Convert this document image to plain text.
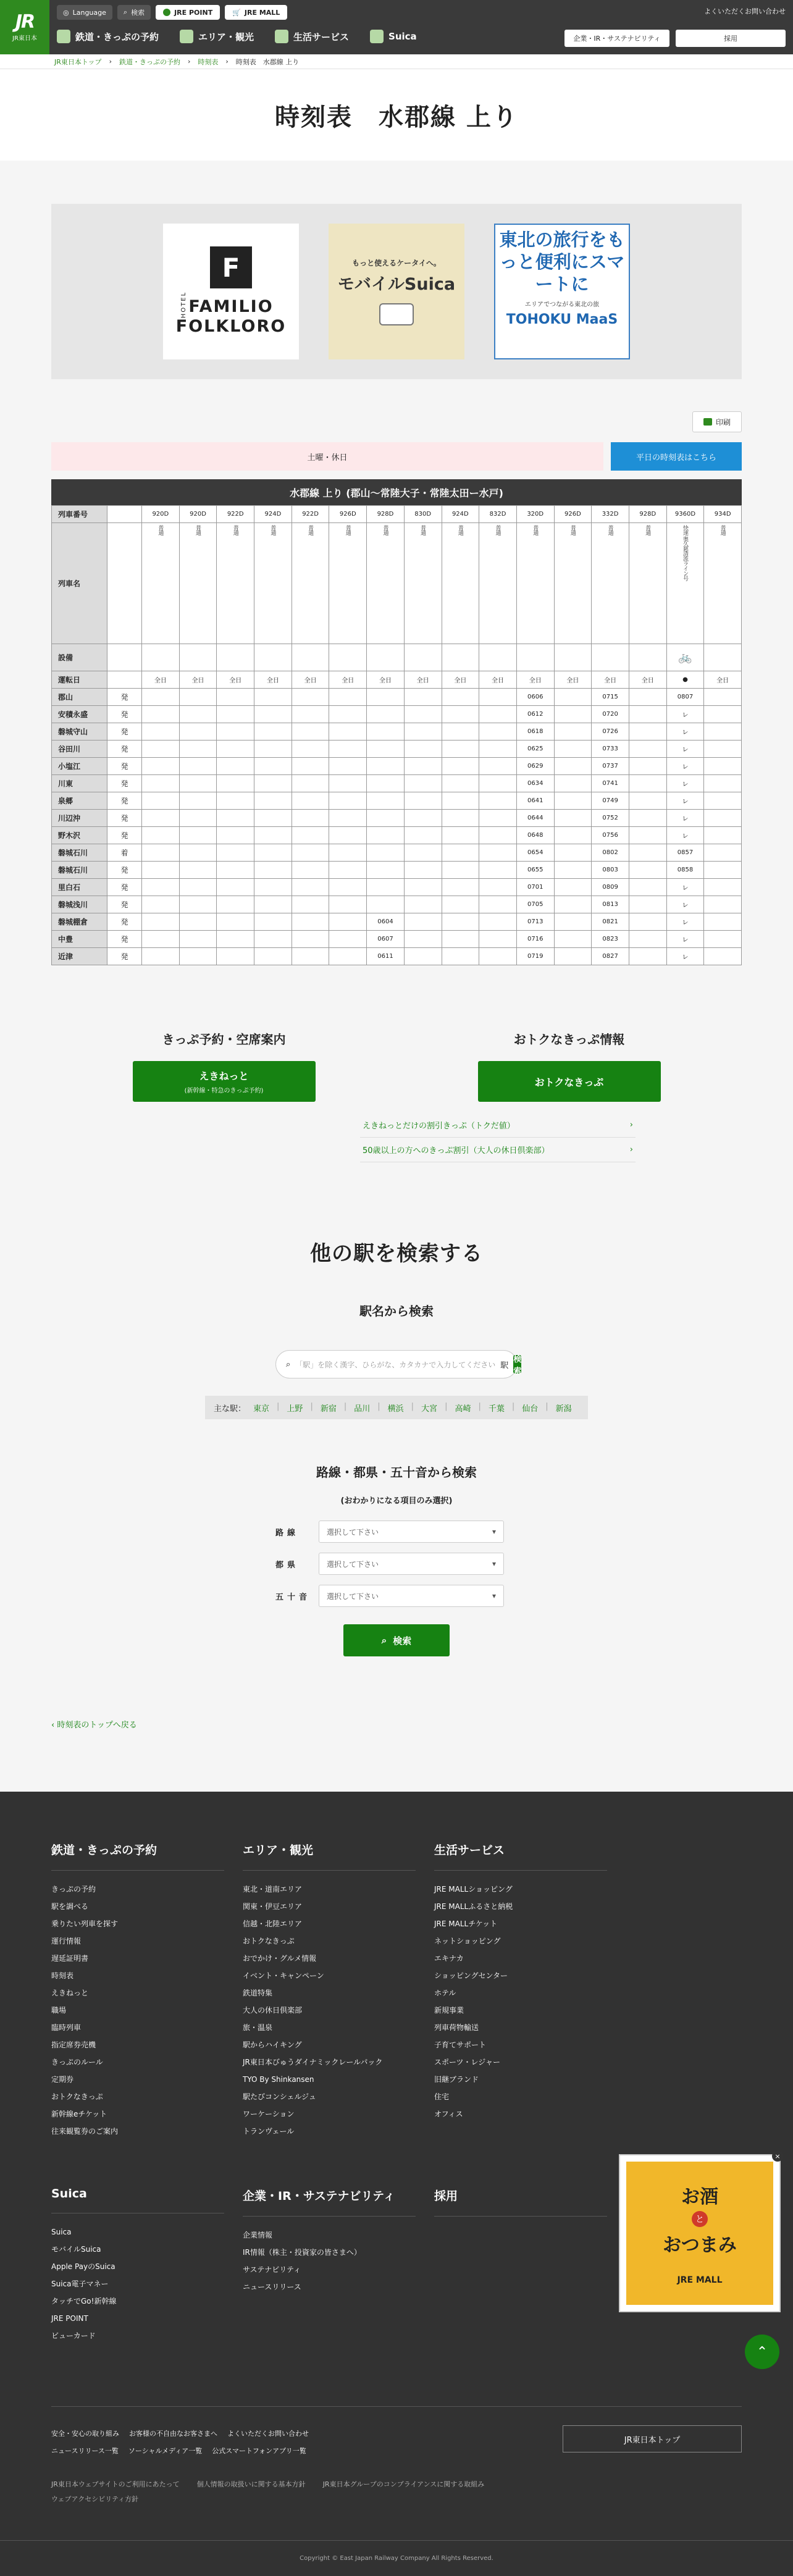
JR
JR東日本
◎ Language	⌕ 検索	JRE POINT	🛒 JRE MALL	よくいただくお問い合わせ
鉄道・きっぷの予約	エリア・観光	生活サービス	Suica	企業・IR・サステナビリティ	採用
JR東日本トップ › 鉄道・きっぷの予約 › 時刻表 › 時刻表　水郡線 上り
時刻表　水郡線 上り
F
FAMILIO
FOLKLORO
HOTEL
もっと使えるケータイへ。
モバイルSuica
東北の旅行をもっと便利にスマートに
エリアでつながる東北の旅
TOHOKU MaaS
印刷
土曜・休日	平日の時刻表はこちら
水郡線 上り (郡山～常陸大子・常陸太田ー水戸)
列車番号		920D	920D	922D	924D	922D	926D	928D	830D	924D	832D	320D	926D	332D	928D	9360D	934D
列車名		普通	普通	普通	普通	普通	普通	普通	普通	普通	普通	普通	普通	普通	普通	快速 奥久慈清流ライン号	普通

設備																🚲	
運転日		全日	全日	全日	全日	全日	全日	全日	全日	全日	全日	全日	全日	全日	全日	●	全日
郡山	発											0606		0715		0807	
安積永盛	発											0612		0720		レ	
磐城守山	発											0618		0726		レ	
谷田川	発											0625		0733		レ	
小塩江	発											0629		0737		レ	
川東	発											0634		0741		レ	
泉郷	発											0641		0749		レ	
川辺沖	発											0644		0752		レ	
野木沢	発											0648		0756		レ	
磐城石川	着											0654		0802		0857	
磐城石川	発											0655		0803		0858	
里白石	発											0701		0809		レ	
磐城浅川	発											0705		0813		レ	
磐城棚倉	発							0604				0713		0821		レ	
中豊	発							0607				0716		0823		レ	
近津	発							0611				0719		0827		レ	
きっぷ予約・空席案内
えきねっと
(新幹線・特急のきっぷ予約)
おトクなきっぷ情報
おトクなきっぷ
えきねっとだけの割引きっぷ（トクだ値）	›
50歳以上の方へのきっぷ割引（大人の休日倶楽部）	›
他の駅を検索する
駅名から検索
⌕ 「駅」を除く漢字、ひらがな、カタカナで入力してください 駅
検索
主な駅： 東京 | 上野 | 新宿 | 品川 | 横浜 | 大宮 | 高崎 | 千葉 | 仙台 | 新潟
路線・都県・五十音から検索
(おわかりになる項目のみ選択)
路線	選択して下さい	▾
都県	選択して下さい	▾
五十音	選択して下さい	▾
⌕ 検索
‹ 時刻表のトップへ戻る
鉄道・きっぷの予約
きっぷの予約
駅を調べる
乗りたい列車を探す
運行情報
遅延証明書
時刻表
えきねっと
職場
臨時列車
指定席券売機
きっぷのルール
定期券
おトクなきっぷ
新幹線eチケット
往来観覧券のご案内
エリア・観光
東北・道南エリア
関東・伊豆エリア
信越・北陸エリア
おトクなきっぷ
おでかけ・グルメ情報
イベント・キャンペーン
鉄道特集
大人の休日倶楽部
旅・温泉
駅からハイキング
JR東日本びゅうダイナミックレールパック
TYO By Shinkansen
駅たびコンシェルジュ
ワーケーション
トランヴェール
生活サービス
JRE MALLショッピング
JRE MALLふるさと納税
JRE MALLチケット
ネットショッピング
エキナカ
ショッピングセンター
ホテル
新規事業
列車荷物輸送
子育てサポート
スポーツ・レジャー
旧継ブランド
住宅
オフィス
Suica
Suica
モバイルSuica
Apple PayのSuica
Suica電子マネー
タッチでGo!新幹線
JRE POINT
ビューカード
企業・IR・サステナビリティ
企業情報
IR情報（株主・投資家の皆さまへ）
サステナビリティ
ニュースリリース
採用
安全・安心の取り組み お客様の不自由なお客さまへ よくいただくお問い合わせ
ニュースリリース一覧 ソーシャルメディア一覧 公式スマートフォンアプリ一覧
JR東日本トップ
JR東日本ウェブサイトのご利用にあたって	個人情報の取扱いに関する基本方針	JR東日本グループのコンプライアンスに関する取組み
ウェブアクセシビリティ方針
Copyright © East Japan Railway Company All Rights Reserved.
×
お酒
と
おつまみ
JRE MALL
⌃
